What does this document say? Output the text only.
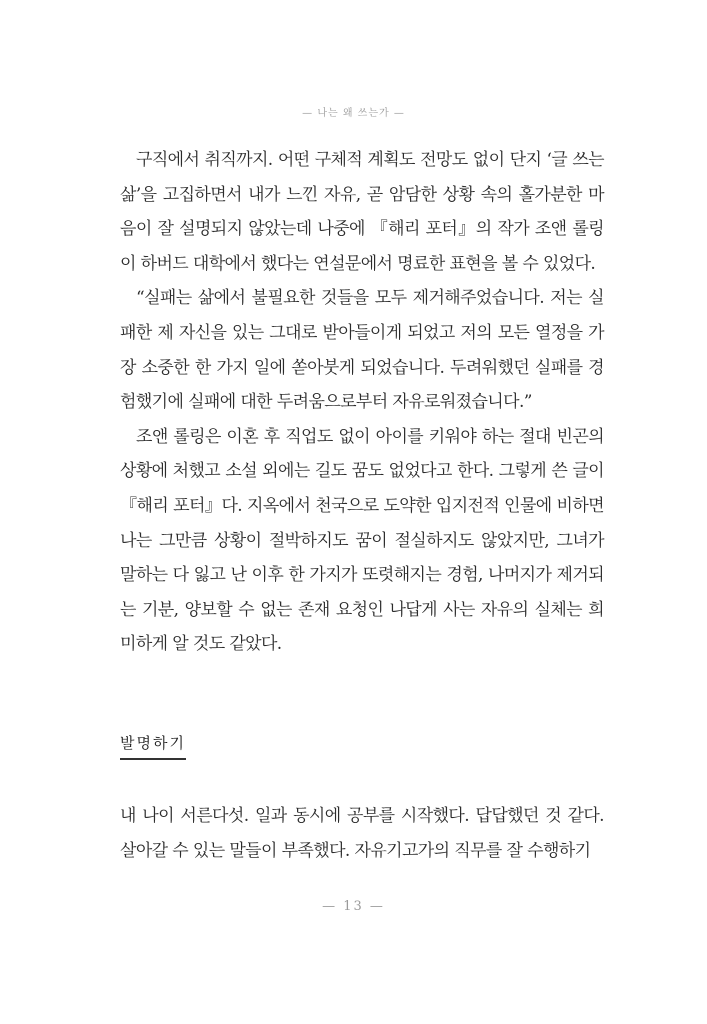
— 나는 왜 쓰는가 —

구직에서 취직까지. 어떤 구체적 계획도 전망도 없이 단지 ‘글 쓰는 삶’을 고집하면서 내가 느낀 자유, 곧 암담한 상황 속의 홀가분한 마음이 잘 설명되지 않았는데 나중에 『해리 포터』의 작가 조앤 롤링이 하버드 대학에서 했다는 연설문에서 명료한 표현을 볼 수 있었다.

“실패는 삶에서 불필요한 것들을 모두 제거해주었습니다. 저는 실패한 제 자신을 있는 그대로 받아들이게 되었고 저의 모든 열정을 가장 소중한 한 가지 일에 쏟아붓게 되었습니다. 두려워했던 실패를 경험했기에 실패에 대한 두려움으로부터 자유로워졌습니다.”

조앤 롤링은 이혼 후 직업도 없이 아이를 키워야 하는 절대 빈곤의 상황에 처했고 소설 외에는 길도 꿈도 없었다고 한다. 그렇게 쓴 글이 『해리 포터』다. 지옥에서 천국으로 도약한 입지전적 인물에 비하면 나는 그만큼 상황이 절박하지도 꿈이 절실하지도 않았지만, 그녀가 말하는 다 잃고 난 이후 한 가지가 또렷해지는 경험, 나머지가 제거되는 기분, 양보할 수 없는 존재 요청인 나답게 사는 자유의 실체는 희미하게 알 것도 같았다.

발명하기

내 나이 서른다섯. 일과 동시에 공부를 시작했다. 답답했던 것 같다. 살아갈 수 있는 말들이 부족했다. 자유기고가의 직무를 잘 수행하기

— 13 —
